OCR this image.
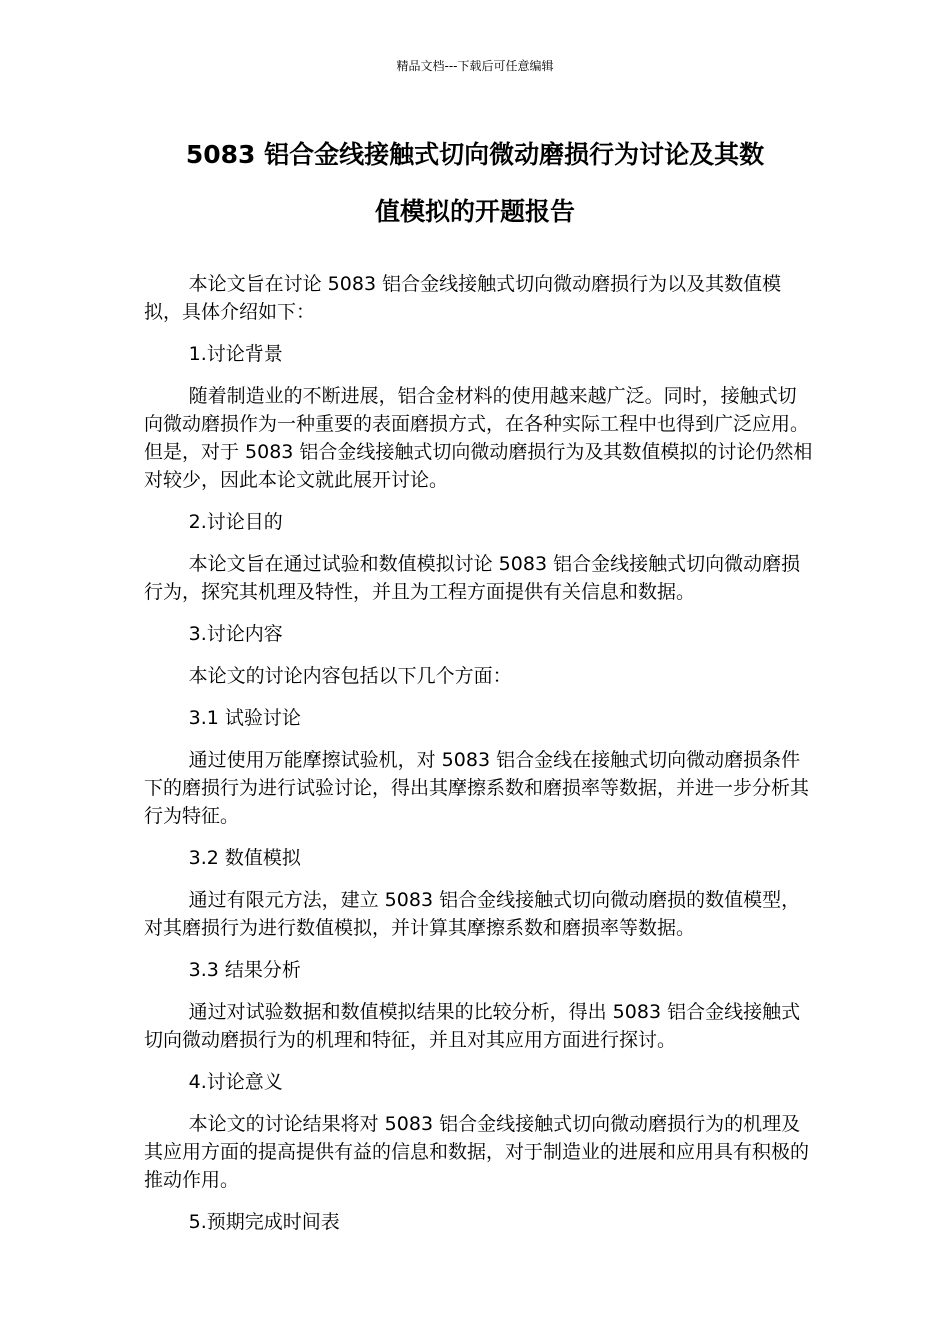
精品文档---下载后可任意编辑
5083 铝合金线接触式切向微动磨损行为讨论及其数
值模拟的开题报告

本论文旨在讨论 5083 铝合金线接触式切向微动磨损行为以及其数值模拟，具体介绍如下：

1.讨论背景

随着制造业的不断进展，铝合金材料的使用越来越广泛。同时，接触式切向微动磨损作为一种重要的表面磨损方式，在各种实际工程中也得到广泛应用。但是，对于 5083 铝合金线接触式切向微动磨损行为及其数值模拟的讨论仍然相对较少，因此本论文就此展开讨论。

2.讨论目的

本论文旨在通过试验和数值模拟讨论 5083 铝合金线接触式切向微动磨损行为，探究其机理及特性，并且为工程方面提供有关信息和数据。

3.讨论内容

本论文的讨论内容包括以下几个方面：

3.1 试验讨论

通过使用万能摩擦试验机，对 5083 铝合金线在接触式切向微动磨损条件下的磨损行为进行试验讨论，得出其摩擦系数和磨损率等数据，并进一步分析其行为特征。

3.2 数值模拟

通过有限元方法，建立 5083 铝合金线接触式切向微动磨损的数值模型，对其磨损行为进行数值模拟，并计算其摩擦系数和磨损率等数据。

3.3 结果分析

通过对试验数据和数值模拟结果的比较分析，得出 5083 铝合金线接触式切向微动磨损行为的机理和特征，并且对其应用方面进行探讨。

4.讨论意义

本论文的讨论结果将对 5083 铝合金线接触式切向微动磨损行为的机理及其应用方面的提高提供有益的信息和数据，对于制造业的进展和应用具有积极的推动作用。

5.预期完成时间表
